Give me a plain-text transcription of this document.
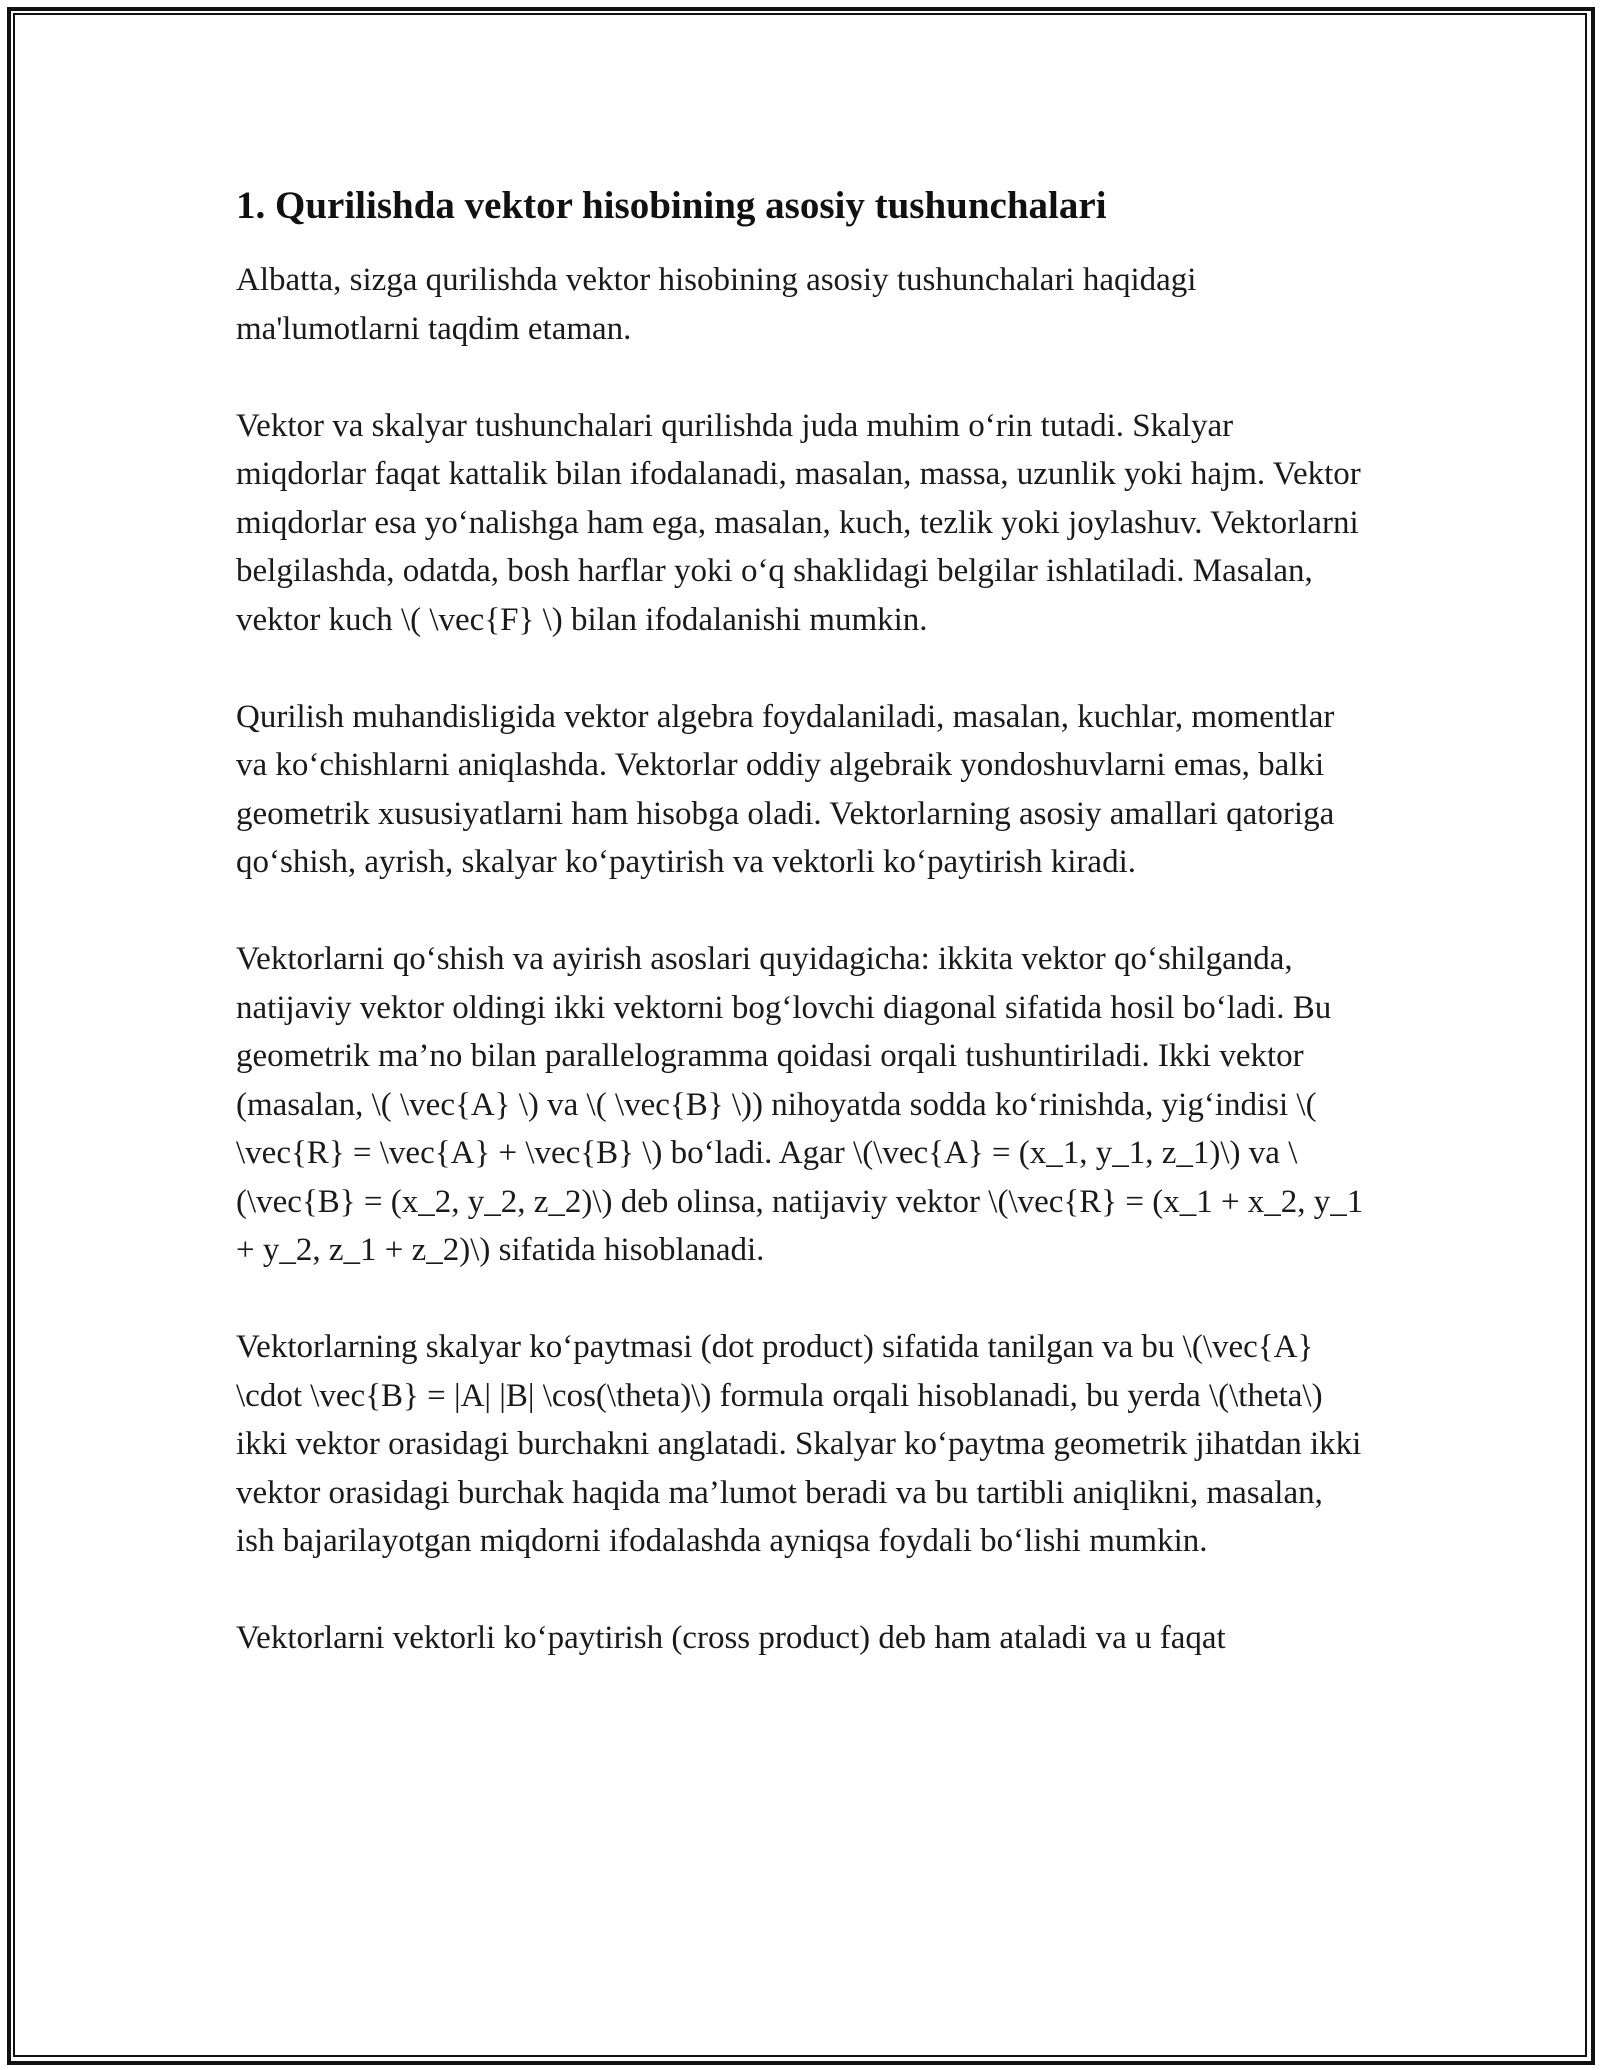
1. Qurilishda vektor hisobining asosiy tushunchalari

Albatta, sizga qurilishda vektor hisobining asosiy tushunchalari haqidagi ma'lumotlarni taqdim etaman.

Vektor va skalyar tushunchalari qurilishda juda muhim o‘rin tutadi. Skalyar miqdorlar faqat kattalik bilan ifodalanadi, masalan, massa, uzunlik yoki hajm. Vektor miqdorlar esa yo‘nalishga ham ega, masalan, kuch, tezlik yoki joylashuv. Vektorlarni belgilashda, odatda, bosh harflar yoki o‘q shaklidagi belgilar ishlatiladi. Masalan, vektor kuch \( \vec{F} \) bilan ifodalanishi mumkin.

Qurilish muhandisligida vektor algebra foydalaniladi, masalan, kuchlar, momentlar va ko‘chishlarni aniqlashda. Vektorlar oddiy algebraik yondoshuvlarni emas, balki geometrik xususiyatlarni ham hisobga oladi. Vektorlarning asosiy amallari qatoriga qo‘shish, ayrish, skalyar ko‘paytirish va vektorli ko‘paytirish kiradi.

Vektorlarni qo‘shish va ayirish asoslari quyidagicha: ikkita vektor qo‘shilganda, natijaviy vektor oldingi ikki vektorni bog‘lovchi diagonal sifatida hosil bo‘ladi. Bu geometrik ma’no bilan parallelogramma qoidasi orqali tushuntiriladi. Ikki vektor (masalan, \( \vec{A} \) va \( \vec{B} \)) nihoyatda sodda ko‘rinishda, yig‘indisi \( \vec{R} = \vec{A} + \vec{B} \) bo‘ladi. Agar \(\vec{A} = (x_1, y_1, z_1)\) va \(\vec{B} = (x_2, y_2, z_2)\) deb olinsa, natijaviy vektor \(\vec{R} = (x_1 + x_2, y_1 + y_2, z_1 + z_2)\) sifatida hisoblanadi.

Vektorlarning skalyar ko‘paytmasi (dot product) sifatida tanilgan va bu \(\vec{A} \cdot \vec{B} = |A| |B| \cos(\theta)\) formula orqali hisoblanadi, bu yerda \(\theta\) ikki vektor orasidagi burchakni anglatadi. Skalyar ko‘paytma geometrik jihatdan ikki vektor orasidagi burchak haqida ma’lumot beradi va bu tartibli aniqlikni, masalan, ish bajarilayotgan miqdorni ifodalashda ayniqsa foydali bo‘lishi mumkin.

Vektorlarni vektorli ko‘paytirish (cross product) deb ham ataladi va u faqat
